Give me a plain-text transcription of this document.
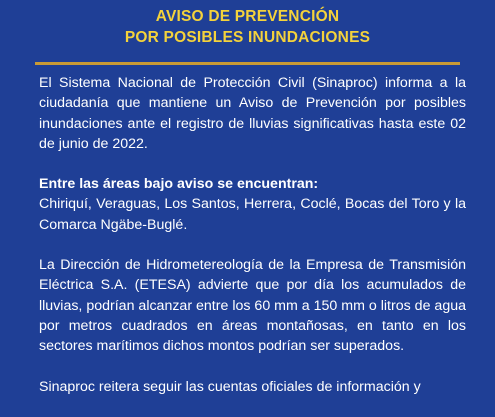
AVISO DE PREVENCIÓN
POR POSIBLES INUNDACIONES

El Sistema Nacional de Protección Civil (Sinaproc) informa a la ciudadanía que mantiene un Aviso de Prevención por posibles inundaciones ante el registro de lluvias significativas hasta este 02 de junio de 2022.

Entre las áreas bajo aviso se encuentran:
Chiriquí, Veraguas, Los Santos, Herrera, Coclé, Bocas del Toro y la Comarca Ngäbe-Buglé.

La Dirección de Hidrometereología de la Empresa de Transmisión Eléctrica S.A. (ETESA) advierte que por día los acumulados de lluvias, podrían alcanzar entre los 60 mm a 150 mm o litros de agua por metros cuadrados en áreas montañosas, en tanto en los sectores marítimos dichos montos podrían ser superados.

Sinaproc reitera seguir las cuentas oficiales de información y
